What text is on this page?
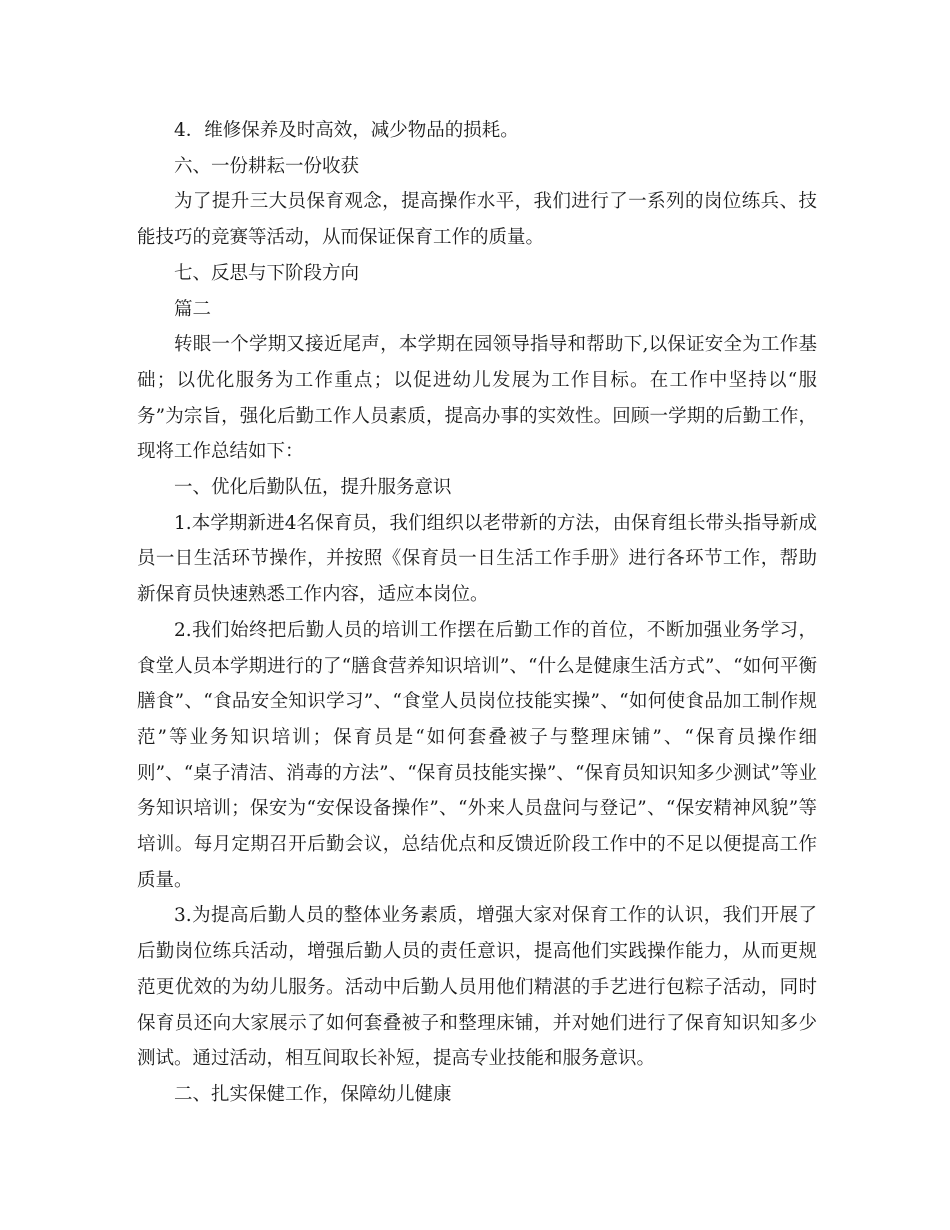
4．维修保养及时高效，减少物品的损耗。

六、一份耕耘一份收获

为了提升三大员保育观念，提高操作水平，我们进行了一系列的岗位练兵、技能技巧的竞赛等活动，从而保证保育工作的质量。

七、反思与下阶段方向

篇二

转眼一个学期又接近尾声，本学期在园领导指导和帮助下,以保证安全为工作基础；以优化服务为工作重点；以促进幼儿发展为工作目标。在工作中坚持以“服务”为宗旨，强化后勤工作人员素质，提高办事的实效性。回顾一学期的后勤工作，现将工作总结如下：

一、优化后勤队伍，提升服务意识

1.本学期新进4名保育员，我们组织以老带新的方法，由保育组长带头指导新成员一日生活环节操作，并按照《保育员一日生活工作手册》进行各环节工作，帮助新保育员快速熟悉工作内容，适应本岗位。

2.我们始终把后勤人员的培训工作摆在后勤工作的首位，不断加强业务学习，食堂人员本学期进行的了“膳食营养知识培训”、“什么是健康生活方式”、“如何平衡膳食”、“食品安全知识学习”、“食堂人员岗位技能实操”、“如何使食品加工制作规范”等业务知识培训；保育员是“如何套叠被子与整理床铺”、“保育员操作细则”、“桌子清洁、消毒的方法”、“保育员技能实操”、“保育员知识知多少测试”等业务知识培训；保安为“安保设备操作”、“外来人员盘问与登记”、“保安精神风貌”等培训。每月定期召开后勤会议，总结优点和反馈近阶段工作中的不足以便提高工作质量。

3.为提高后勤人员的整体业务素质，增强大家对保育工作的认识，我们开展了后勤岗位练兵活动，增强后勤人员的责任意识，提高他们实践操作能力，从而更规范更优效的为幼儿服务。活动中后勤人员用他们精湛的手艺进行包粽子活动，同时保育员还向大家展示了如何套叠被子和整理床铺，并对她们进行了保育知识知多少测试。通过活动，相互间取长补短，提高专业技能和服务意识。

二、扎实保健工作，保障幼儿健康
